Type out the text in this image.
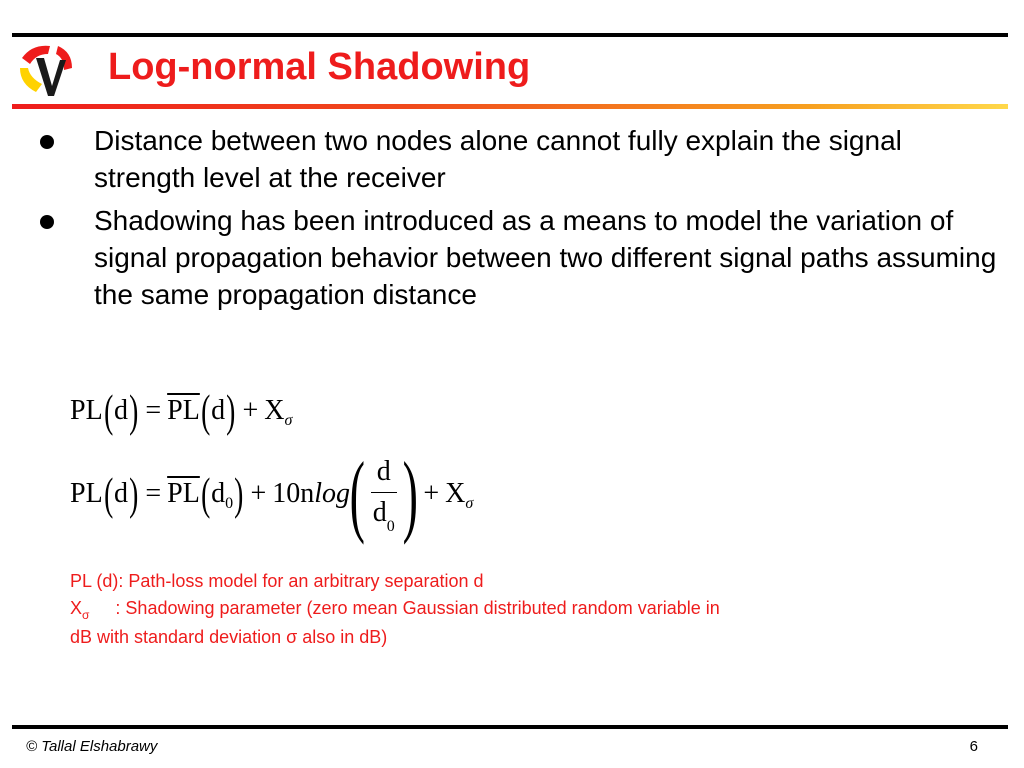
Log-normal Shadowing
Distance between two nodes alone cannot fully explain the signal strength level at the receiver
Shadowing has been introduced as a means to model the variation of signal propagation behavior between two different signal paths assuming the same propagation distance
PL ( d ) = $\overline{PL}$ ( d ) + X σ
PL ( d ) = $\overline{PL}$ ( d 0 ) + 10n log ( $\frac{d}{d_0}$ ) + X σ
PL (d): Path-loss model for an arbitrary separation d
$X_\sigma$ : Shadowing parameter (zero mean Gaussian distributed random variable in
dB with standard deviation σ also in dB)
© Tallal Elshabrawy	6
